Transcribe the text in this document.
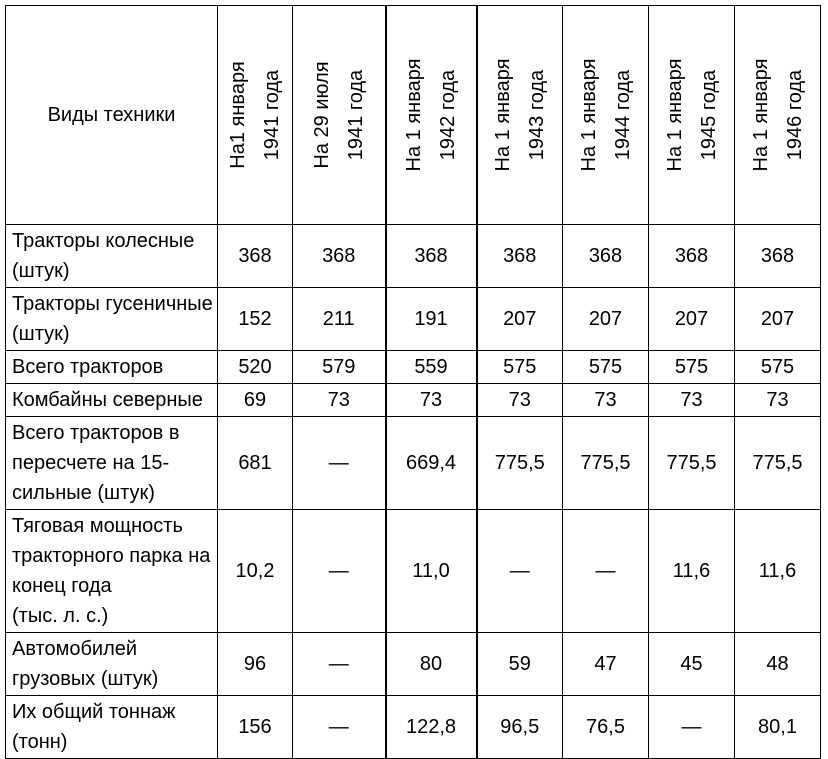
Виды техники	На1 января 1941 года	На 29 июля 1941 года	На 1 января 1942 года	На 1 января 1943 года	На 1 января 1944 года	На 1 января 1945 года	На 1 января 1946 года

Тракторы колесные
(штук)	368	368	368	368	368	368	368

Тракторы гусеничные
(штук)	152	211	191	207	207	207	207

Всего тракторов	520	579	559	575	575	575	575

Комбайны северные	69	73	73	73	73	73	73

Всего тракторов в
пересчете на 15-
сильные (штук)	681	—	669,4	775,5	775,5	775,5	775,5

Тяговая мощность
тракторного парка на
конец года
(тыс. л. с.)	10,2	—	11,0	—	—	11,6	11,6

Автомобилей
грузовых (штук)	96	—	80	59	47	45	48

Их общий тоннаж
(тонн)	156	—	122,8	96,5	76,5	—	80,1
